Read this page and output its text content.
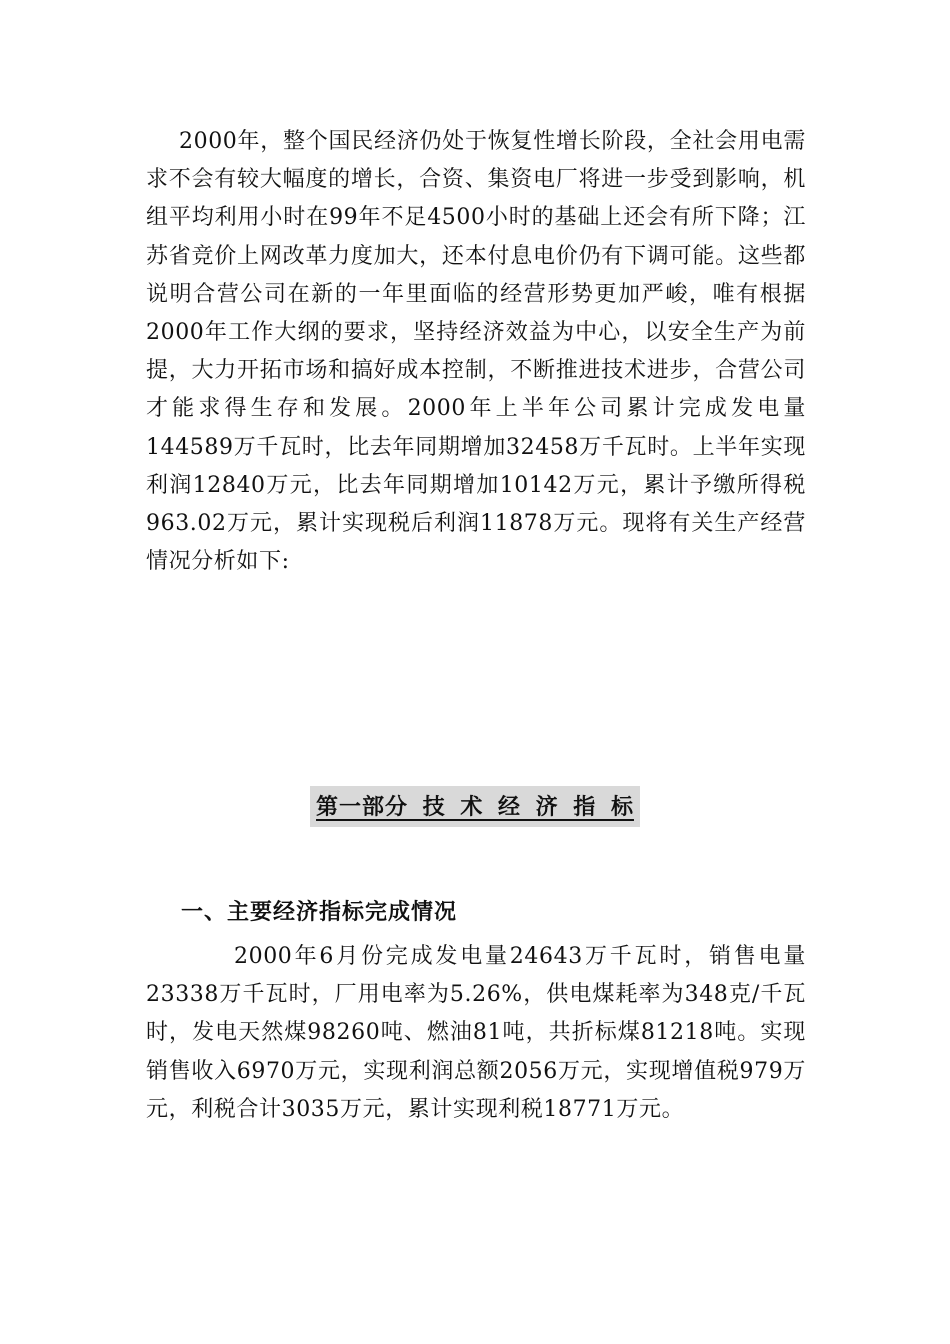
2000年，整个国民经济仍处于恢复性增长阶段，全社会用电需求不会有较大幅度的增长，合资、集资电厂将进一步受到影响，机组平均利用小时在99年不足4500小时的基础上还会有所下降；江苏省竞价上网改革力度加大，还本付息电价仍有下调可能。这些都说明合营公司在新的一年里面临的经营形势更加严峻，唯有根据2000年工作大纲的要求，坚持经济效益为中心，以安全生产为前提，大力开拓市场和搞好成本控制，不断推进技术进步，合营公司才能求得生存和发展。2000年上半年公司累计完成发电量144589万千瓦时，比去年同期增加32458万千瓦时。上半年实现利润12840万元，比去年同期增加10142万元，累计予缴所得税963.02万元，累计实现税后利润11878万元。现将有关生产经营情况分析如下:

第一部分 技 术 经 济 指 标
一、主要经济指标完成情况

2000年6月份完成发电量24643万千瓦时，销售电量23338万千瓦时，厂用电率为5.26%，供电煤耗率为348克/千瓦时，发电天然煤98260吨、燃油81吨，共折标煤81218吨。实现销售收入6970万元，实现利润总额2056万元，实现增值税979万元，利税合计3035万元，累计实现利税18771万元。
